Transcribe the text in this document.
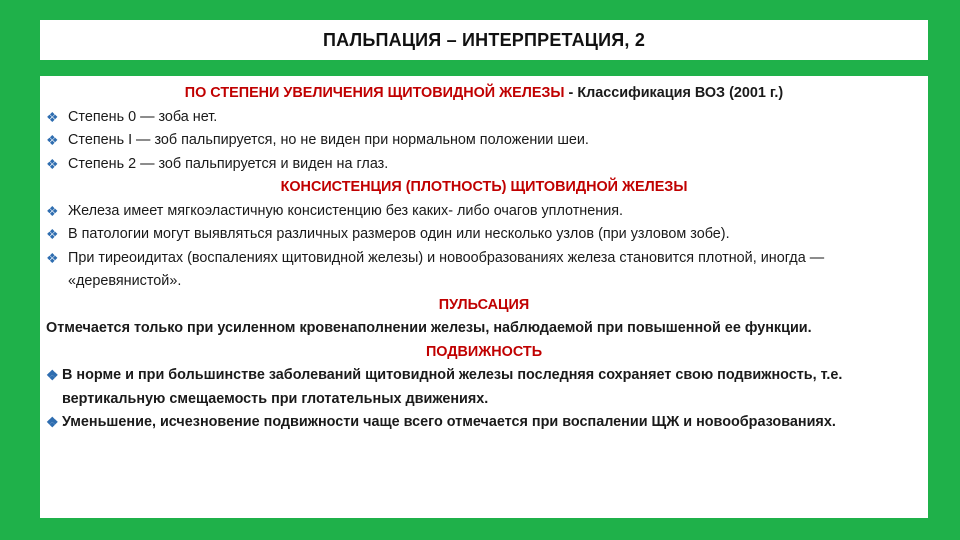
ПАЛЬПАЦИЯ – ИНТЕРПРЕТАЦИЯ, 2

ПО СТЕПЕНИ УВЕЛИЧЕНИЯ ЩИТОВИДНОЙ ЖЕЛЕЗЫ - Классификация ВОЗ (2001 г.)

❖ Степень 0 — зоба нет.
❖ Степень I — зоб пальпируется, но не виден при нормальном положении шеи.
❖ Степень 2 — зоб пальпируется и виден на глаз.

КОНСИСТЕНЦИЯ (ПЛОТНОСТЬ) ЩИТОВИДНОЙ ЖЕЛЕЗЫ

❖ Железа имеет мягкоэластичную консистенцию без каких- либо очагов уплотнения.
❖ В патологии могут выявляться различных размеров один или несколько узлов (при узловом зобе).
❖ При тиреоидитах (воспалениях щитовидной железы) и новообразованиях железа становится плотной, иногда — «деревянистой».

ПУЛЬСАЦИЯ

Отмечается только при усиленном кровенаполнении железы, наблюдаемой при повышенной ее функции.

ПОДВИЖНОСТЬ

❖ В норме и при большинстве заболеваний щитовидной железы последняя сохраняет свою подвижность, т.е. вертикальную смещаемость при глотательных движениях.
❖ Уменьшение, исчезновение подвижности чаще всего отмечается при воспалении ЩЖ и новообразованиях.
